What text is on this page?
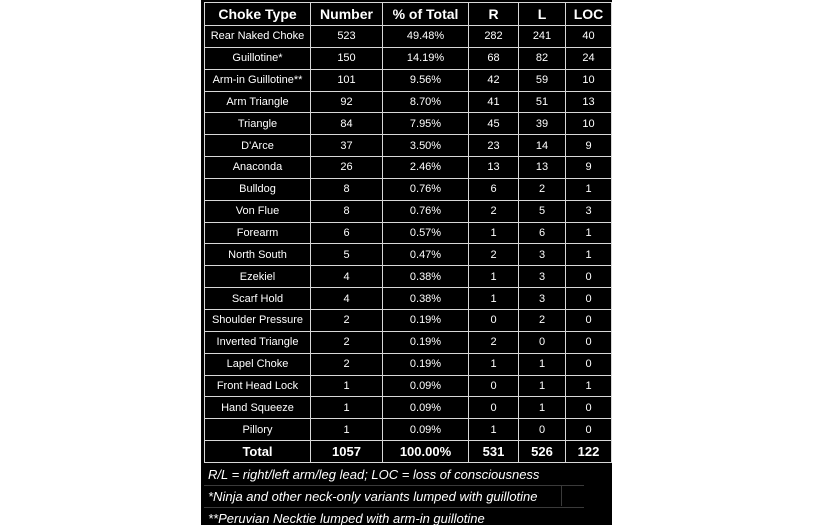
Choke Type	Number	% of Total	R	L	LOC
Rear Naked Choke	523	49.48%	282	241	40
Guillotine*	150	14.19%	68	82	24
Arm-in Guillotine**	101	9.56%	42	59	10
Arm Triangle	92	8.70%	41	51	13
Triangle	84	7.95%	45	39	10
D'Arce	37	3.50%	23	14	9
Anaconda	26	2.46%	13	13	9
Bulldog	8	0.76%	6	2	1
Von Flue	8	0.76%	2	5	3
Forearm	6	0.57%	1	6	1
North South	5	0.47%	2	3	1
Ezekiel	4	0.38%	1	3	0
Scarf Hold	4	0.38%	1	3	0
Shoulder Pressure	2	0.19%	0	2	0
Inverted Triangle	2	0.19%	2	0	0
Lapel Choke	2	0.19%	1	1	0
Front Head Lock	1	0.09%	0	1	1
Hand Squeeze	1	0.09%	0	1	0
Pillory	1	0.09%	1	0	0
Total	1057	100.00%	531	526	122
R/L = right/left arm/leg lead; LOC = loss of consciousness
*Ninja and other neck-only variants lumped with guillotine
**Peruvian Necktie lumped with arm-in guillotine
